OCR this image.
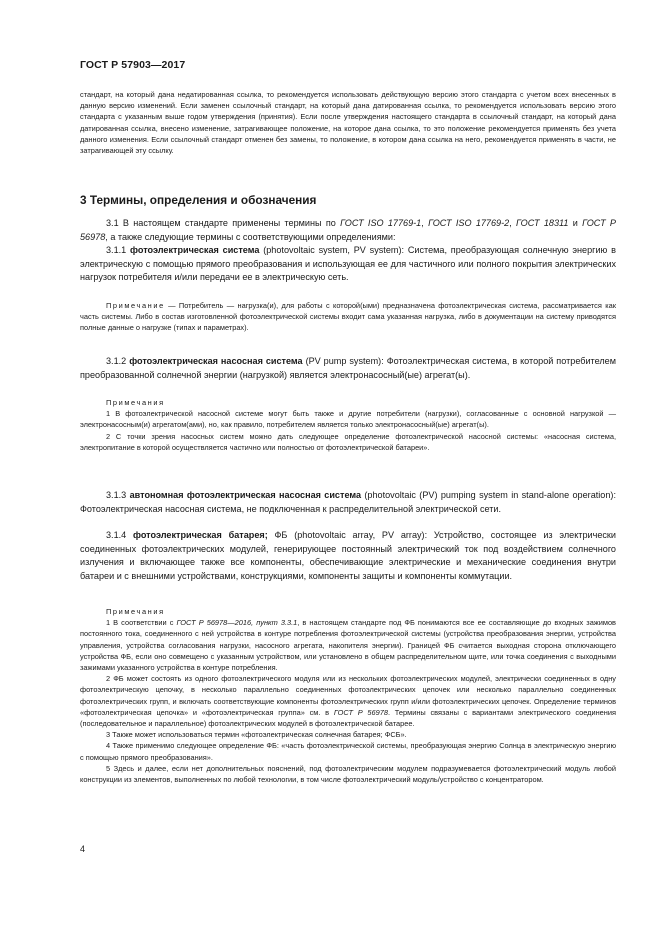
ГОСТ Р 57903—2017

стандарт, на который дана недатированная ссылка, то рекомендуется использовать действующую версию этого стандарта с учетом всех внесенных в данную версию изменений. Если заменен ссылочный стандарт, на который дана датированная ссылка, то рекомендуется использовать версию этого стандарта с указанным выше годом утверждения (принятия). Если после утверждения настоящего стандарта в ссылочный стандарт, на который дана датированная ссылка, внесено изменение, затрагивающее положение, на которое дана ссылка, то это положение рекомендуется применять без учета данного изменения. Если ссылочный стандарт отменен без замены, то положение, в котором дана ссылка на него, рекомендуется применять в части, не затрагивающей эту ссылку.

3 Термины, определения и обозначения

3.1 В настоящем стандарте применены термины по ГОСТ ISO 17769-1, ГОСТ ISO 17769-2, ГОСТ 18311 и ГОСТ Р 56978, а также следующие термины с соответствующими определениями:

3.1.1 фотоэлектрическая система (photovoltaic system, PV system): Система, преобразующая солнечную энергию в электрическую с помощью прямого преобразования и использующая ее для частичного или полного покрытия электрических нагрузок потребителя и/или передачи ее в электрическую сеть.

Примечание — Потребитель — нагрузка(и), для работы с которой(ыми) предназначена фотоэлектрическая система, рассматривается как часть системы. Либо в состав изготовленной фотоэлектрической системы входит сама указанная нагрузка, либо в документации на систему приводятся полные данные о нагрузке (типах и параметрах).

3.1.2 фотоэлектрическая насосная система (PV pump system): Фотоэлектрическая система, в которой потребителем преобразованной солнечной энергии (нагрузкой) является электронасосный(ые) агрегат(ы).

Примечания

1 В фотоэлектрической насосной системе могут быть также и другие потребители (нагрузки), согласованные с основной нагрузкой — электронасосным(и) агрегатом(ами), но, как правило, потребителем является только электронасосный(ые) агрегат(ы).

2 С точки зрения насосных систем можно дать следующее определение фотоэлектрической насосной системы: «насосная система, электропитание в которой осуществляется частично или полностью от фотоэлектрической батареи».

3.1.3 автономная фотоэлектрическая насосная система (photovoltaic (PV) pumping system in stand-alone operation): Фотоэлектрическая насосная система, не подключенная к распределительной электрической сети.

3.1.4 фотоэлектрическая батарея; ФБ (photovoltaic array, PV array): Устройство, состоящее из электрически соединенных фотоэлектрических модулей, генерирующее постоянный электрический ток под воздействием солнечного излучения и включающее также все компоненты, обеспечивающие электрические и механические соединения внутри батареи и с внешними устройствами, конструкциями, компоненты защиты и компоненты коммутации.

Примечания

1 В соответствии с ГОСТ Р 56978—2016, пункт 3.3.1, в настоящем стандарте под ФБ понимаются все ее составляющие до входных зажимов постоянного тока, соединенного с ней устройства в контуре потребления фотоэлектрической системы (устройства преобразования энергии, устройства управления, устройства согласования нагрузки, насосного агрегата, накопителя энергии). Границей ФБ считается выходная сторона отключающего устройства ФБ, если оно совмещено с указанным устройством, или установлено в общем распределительном щите, или точка соединения с выходными зажимами указанного устройства в контуре потребления.

2 ФБ может состоять из одного фотоэлектрического модуля или из нескольких фотоэлектрических модулей, электрически соединенных в одну фотоэлектрическую цепочку, в несколько параллельно соединенных фотоэлектрических цепочек или несколько параллельно соединенных фотоэлектрических групп, и включать соответствующие компоненты фотоэлектрических групп и/или фотоэлектрических цепочек. Определение терминов «фотоэлектрическая цепочка» и «фотоэлектрическая группа» см. в ГОСТ Р 56978. Термины связаны с вариантами электрического соединения (последовательное и параллельное) фотоэлектрических модулей в фотоэлектрической батарее.

3 Также может использоваться термин «фотоэлектрическая солнечная батарея; ФСБ».

4 Также применимо следующее определение ФБ: «часть фотоэлектрической системы, преобразующая энергию Солнца в электрическую энергию с помощью прямого преобразования».

5 Здесь и далее, если нет дополнительных пояснений, под фотоэлектрическим модулем подразумевается фотоэлектрический модуль любой конструкции из элементов, выполненных по любой технологии, в том числе фотоэлектрический модуль/устройство с концентратором.

4
